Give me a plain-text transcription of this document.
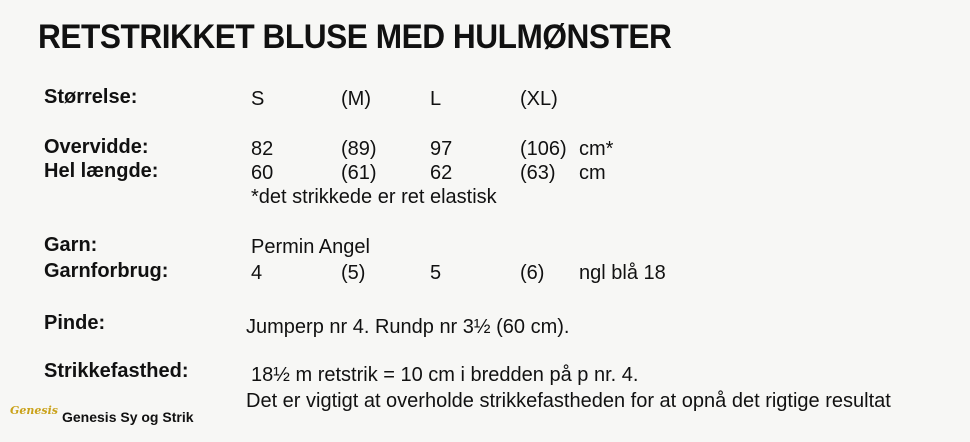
RETSTRIKKET BLUSE MED HULMØNSTER
Størrelse:	S	(M)	L	(XL)
Overvidde:	82	(89)	97	(106) cm*
Hel længde:	60	(61)	62	(63) cm
*det strikkede er ret elastisk
Garn:	Permin Angel
Garnforbrug:	4	(5)	5	(6) ngl blå 18
Pinde:	Jumperp nr 4. Rundp nr 3½ (60 cm).
Strikkefasthed:	18½ m retstrik = 10 cm i bredden på p nr. 4.
Det er vigtigt at overholde strikkefastheden for at opnå det rigtige resultat
Genesis Genesis Sy og Strik
